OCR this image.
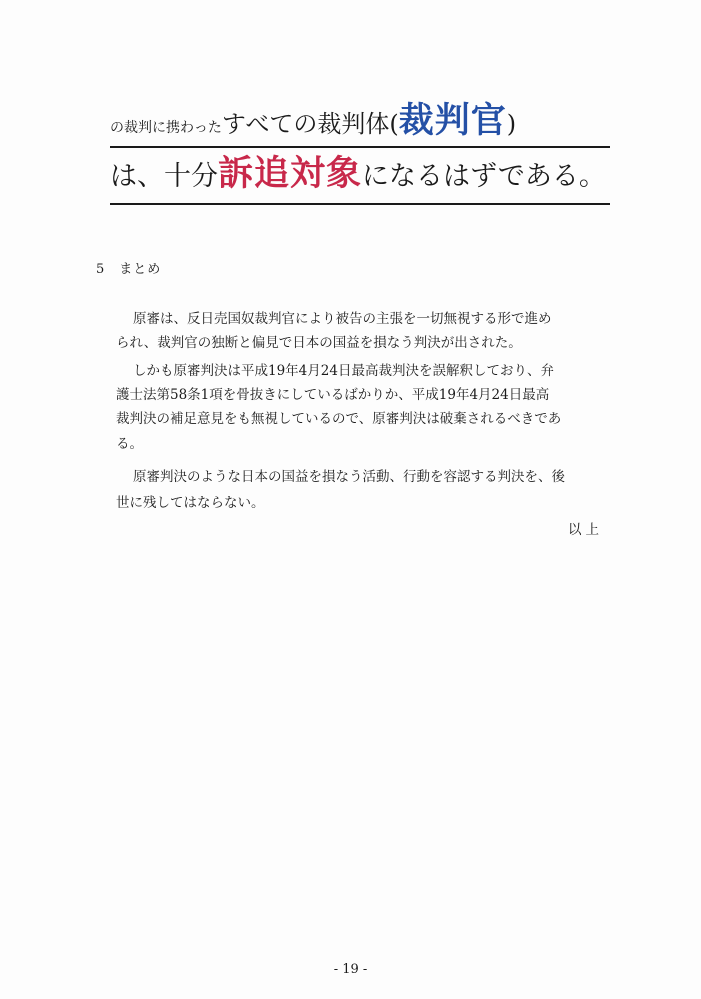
の裁判に携わったすべての裁判体(裁判官)
は、十分訴追対象になるはずである。
5 まとめ
原審は、反日売国奴裁判官により被告の主張を一切無視する形で進め
られ、裁判官の独断と偏見で日本の国益を損なう判決が出された。
しかも原審判決は平成19年4月24日最高裁判決を誤解釈しており、弁
護士法第58条1項を骨抜きにしているばかりか、平成19年4月24日最高
裁判決の補足意見をも無視しているので、原審判決は破棄されるべきであ
る。
原審判決のような日本の国益を損なう活動、行動を容認する判決を、後
世に残してはならない。
以上
- 19 -
